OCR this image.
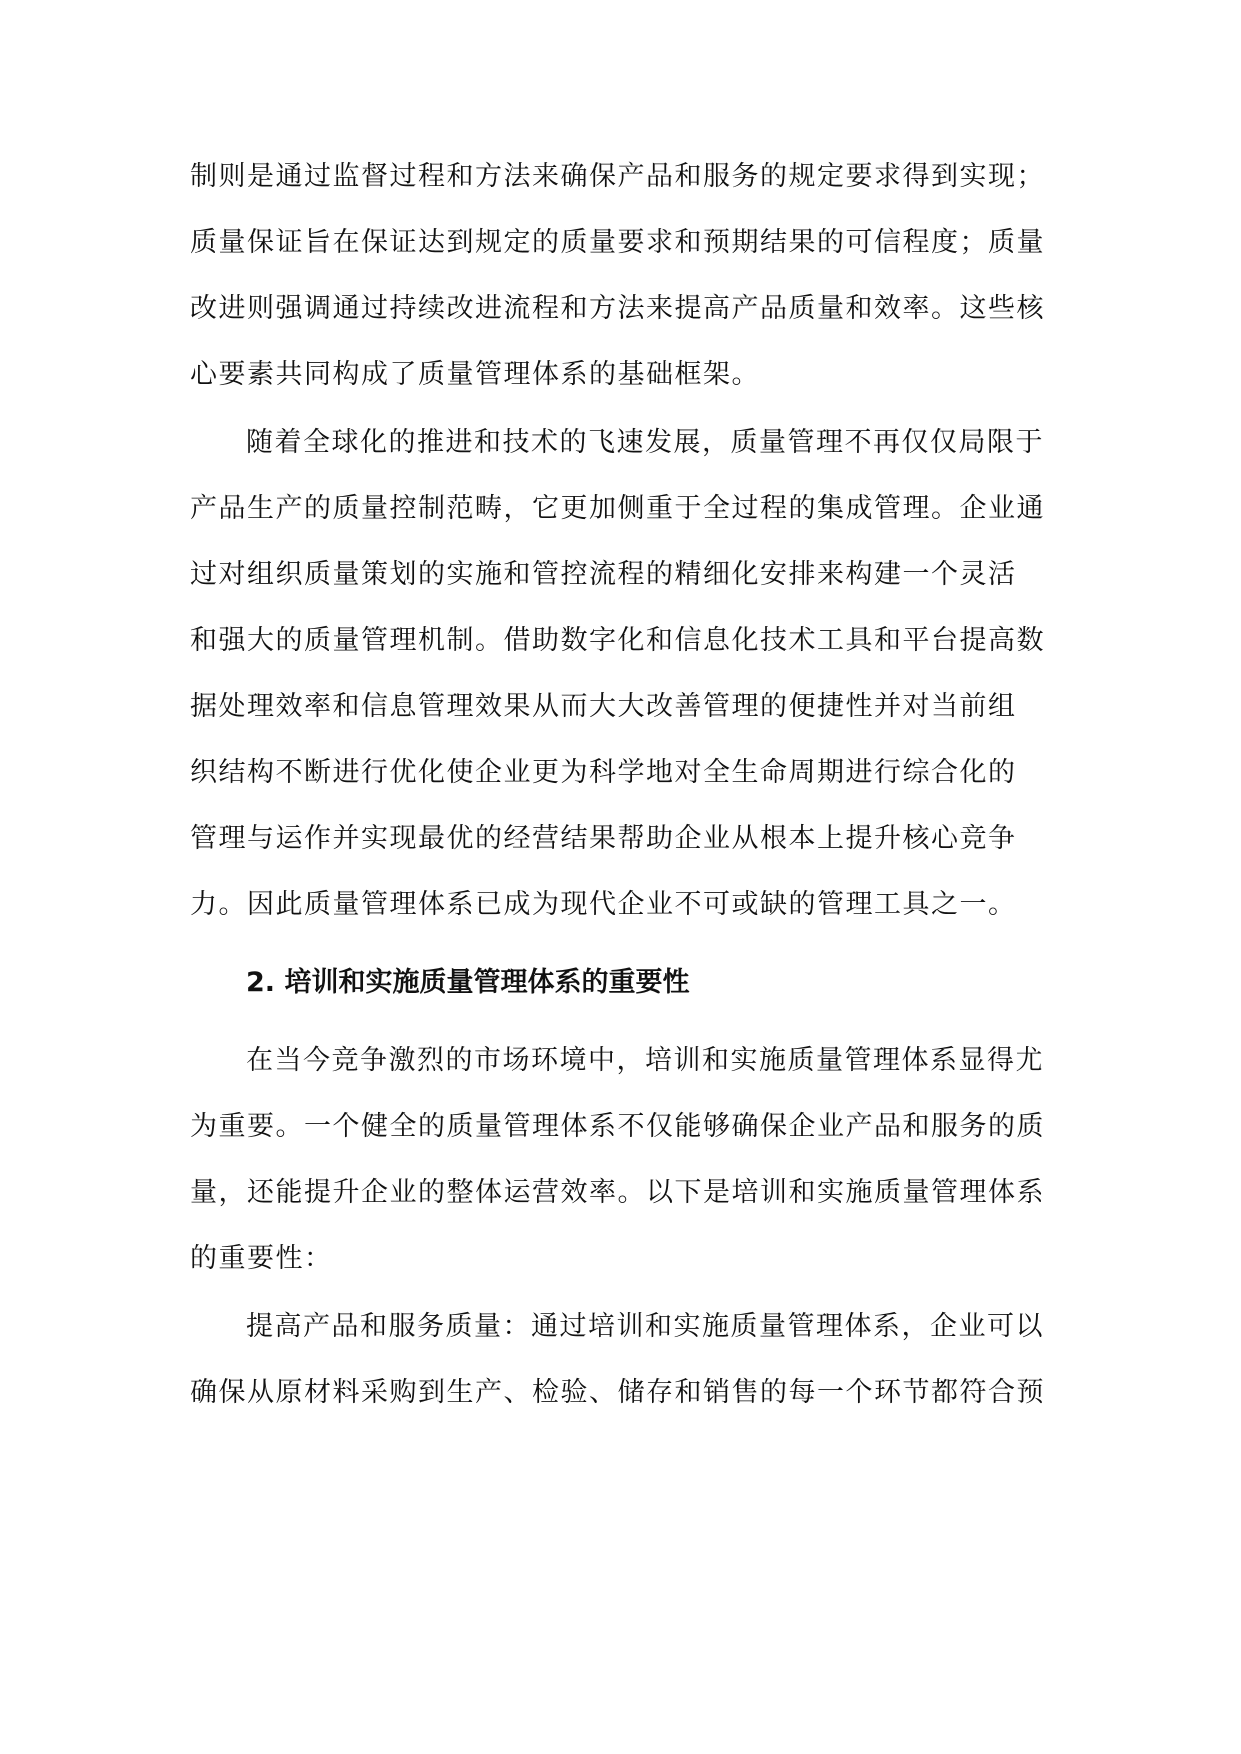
制则是通过监督过程和方法来确保产品和服务的规定要求得到实现；
质量保证旨在保证达到规定的质量要求和预期结果的可信程度；质量
改进则强调通过持续改进流程和方法来提高产品质量和效率。这些核
心要素共同构成了质量管理体系的基础框架。
随着全球化的推进和技术的飞速发展，质量管理不再仅仅局限于
产品生产的质量控制范畴，它更加侧重于全过程的集成管理。企业通
过对组织质量策划的实施和管控流程的精细化安排来构建一个灵活
和强大的质量管理机制。借助数字化和信息化技术工具和平台提高数
据处理效率和信息管理效果从而大大改善管理的便捷性并对当前组
织结构不断进行优化使企业更为科学地对全生命周期进行综合化的
管理与运作并实现最优的经营结果帮助企业从根本上提升核心竞争
力。因此质量管理体系已成为现代企业不可或缺的管理工具之一。
2. 培训和实施质量管理体系的重要性
在当今竞争激烈的市场环境中，培训和实施质量管理体系显得尤
为重要。一个健全的质量管理体系不仅能够确保企业产品和服务的质
量，还能提升企业的整体运营效率。以下是培训和实施质量管理体系
的重要性：
提高产品和服务质量：通过培训和实施质量管理体系，企业可以
确保从原材料采购到生产、检验、储存和销售的每一个环节都符合预
